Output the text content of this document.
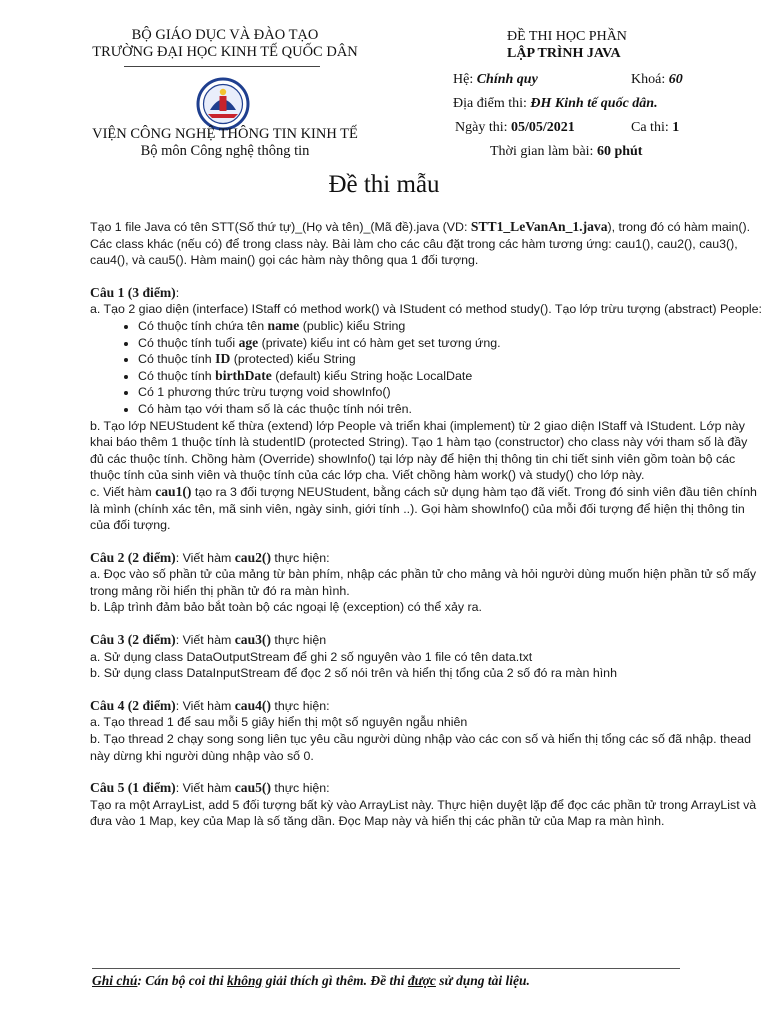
BỘ GIÁO DỤC VÀ ĐÀO TẠO
TRƯỜNG ĐẠI HỌC KINH TẾ QUỐC DÂN
VIỆN CÔNG NGHỆ THÔNG TIN KINH TẾ
Bộ môn Công nghệ thông tin
ĐỀ THI HỌC PHẦN
LẬP TRÌNH JAVA
Hệ: Chính quy	Khoá: 60
Địa điểm thi: ĐH Kinh tế quốc dân.
Ngày thi: 05/05/2021	Ca thi: 1
Thời gian làm bài: 60 phút
Đề thi mẫu

Tạo 1 file Java có tên STT(Số thứ tự)_(Họ và tên)_(Mã đề).java (VD: STT1_LeVanAn_1.java), trong đó có hàm main(). Các class khác (nếu có) để trong class này. Bài làm cho các câu đặt trong các hàm tương ứng: cau1(), cau2(), cau3(), cau4(), và cau5(). Hàm main() gọi các hàm này thông qua 1 đối tượng.

Câu 1 (3 điểm):

a. Tạo 2 giao diện (interface) IStaff có method work() và IStudent có method study(). Tạo lớp trừu tượng (abstract) People:

• Có thuộc tính chứa tên name (public) kiểu String
• Có thuộc tính tuổi age (private) kiểu int có hàm get set tương ứng.
• Có thuộc tính ID (protected) kiểu String
• Có thuộc tính birthDate (default) kiểu String hoặc LocalDate
• Có 1 phương thức trừu tượng void showInfo()
• Có hàm tạo với tham số là các thuộc tính nói trên.

b. Tạo lớp NEUStudent kế thừa (extend) lớp People và triển khai (implement) từ 2 giao diện IStaff và IStudent. Lớp này khai báo thêm 1 thuộc tính là studentID (protected String). Tạo 1 hàm tạo (constructor) cho class này với tham số là đầy đủ các thuộc tính. Chồng hàm (Override) showInfo() tại lớp này để hiện thị thông tin chi tiết sinh viên gồm toàn bộ các thuộc tính của sinh viên và thuộc tính của các lớp cha. Viết chồng hàm work() và study() cho lớp này.

c. Viết hàm cau1() tạo ra 3 đối tượng NEUStudent, bằng cách sử dụng hàm tạo đã viết. Trong đó sinh viên đầu tiên chính là mình (chính xác tên, mã sinh viên, ngày sinh, giới tính ..). Gọi hàm showInfo() của mỗi đối tượng để hiện thị thông tin của đối tượng.

Câu 2 (2 điểm): Viết hàm cau2() thực hiện:

a. Đọc vào số phần tử của mảng từ bàn phím, nhập các phần tử cho mảng và hỏi người dùng muốn hiện phần tử số mấy trong mảng rồi hiển thị phần tử đó ra màn hình.

b. Lập trình đảm bảo bắt toàn bộ các ngoại lệ (exception) có thể xảy ra.

Câu 3 (2 điểm): Viết hàm cau3() thực hiện

a. Sử dụng class DataOutputStream để ghi 2 số nguyên vào 1 file có tên data.txt

b. Sử dụng class DataInputStream để đọc 2 số nói trên và hiển thị tổng của 2 số đó ra màn hình

Câu 4 (2 điểm): Viết hàm cau4() thực hiện:

a. Tạo thread 1 để sau mỗi 5 giây hiển thị một số nguyên ngẫu nhiên

b. Tạo thread 2 chạy song song liên tục yêu cầu người dùng nhập vào các con số và hiển thị tổng các số đã nhập. thead này dừng khi người dùng nhập vào số 0.

Câu 5 (1 điểm): Viết hàm cau5() thực hiện:

Tạo ra một ArrayList, add 5 đối tượng bất kỳ vào ArrayList này. Thực hiện duyệt lặp để đọc các phần tử trong ArrayList và đưa vào 1 Map, key của Map là số tăng dần. Đọc Map này và hiển thị các phần tử của Map ra màn hình.

Ghi chú: Cán bộ coi thi không giải thích gì thêm. Đề thi được sử dụng tài liệu.
